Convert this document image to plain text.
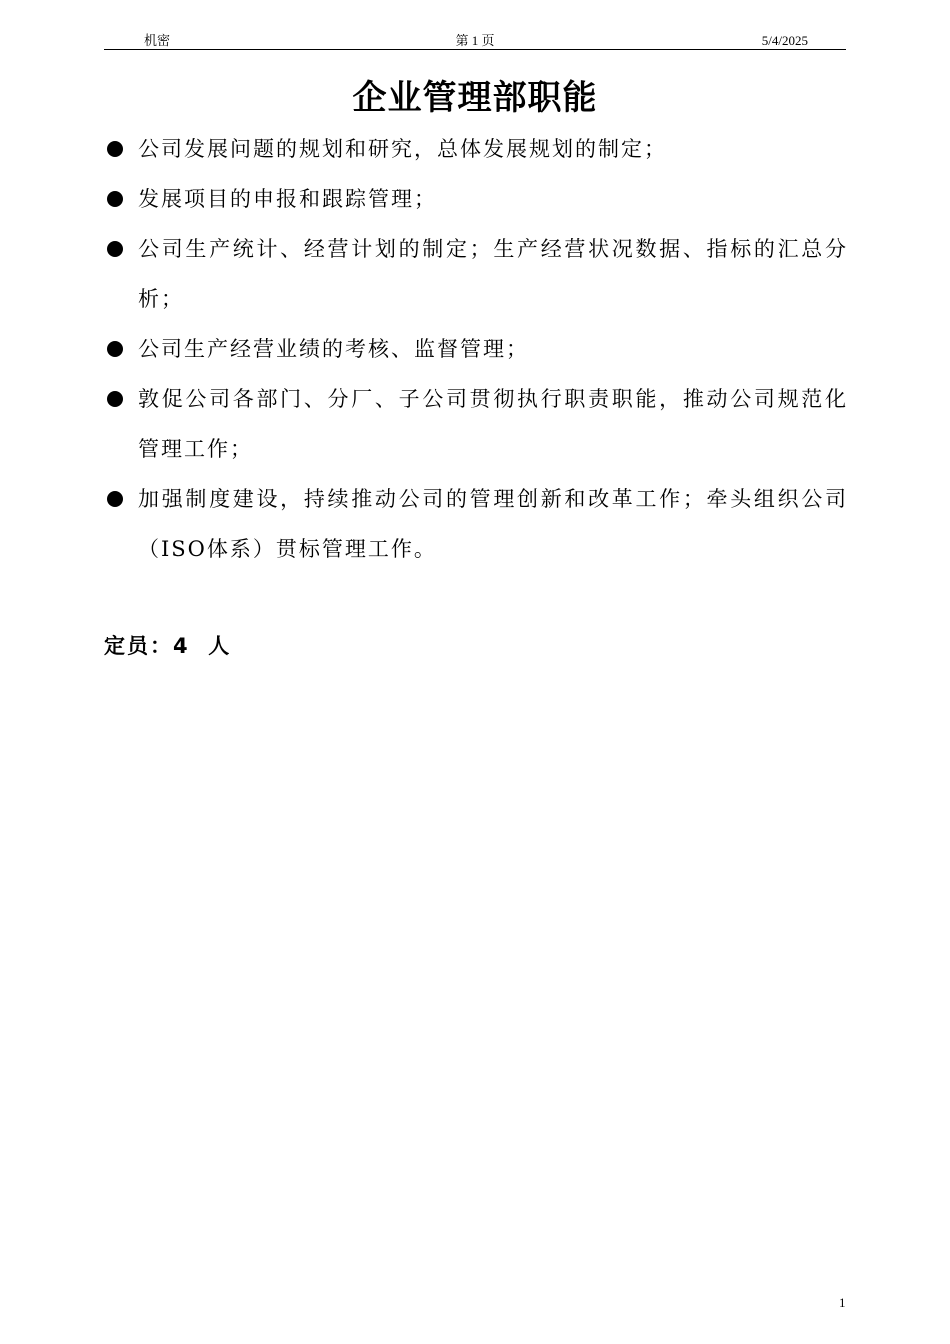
机密	第 1 页	5/4/2025
企业管理部职能
公司发展问题的规划和研究，总体发展规划的制定；
发展项目的申报和跟踪管理；
公司生产统计、经营计划的制定；生产经营状况数据、指标的汇总分析；
公司生产经营业绩的考核、监督管理；
敦促公司各部门、分厂、子公司贯彻执行职责职能，推动公司规范化管理工作；
加强制度建设，持续推动公司的管理创新和改革工作；牵头组织公司（ISO体系）贯标管理工作。
定员：4  人
1
